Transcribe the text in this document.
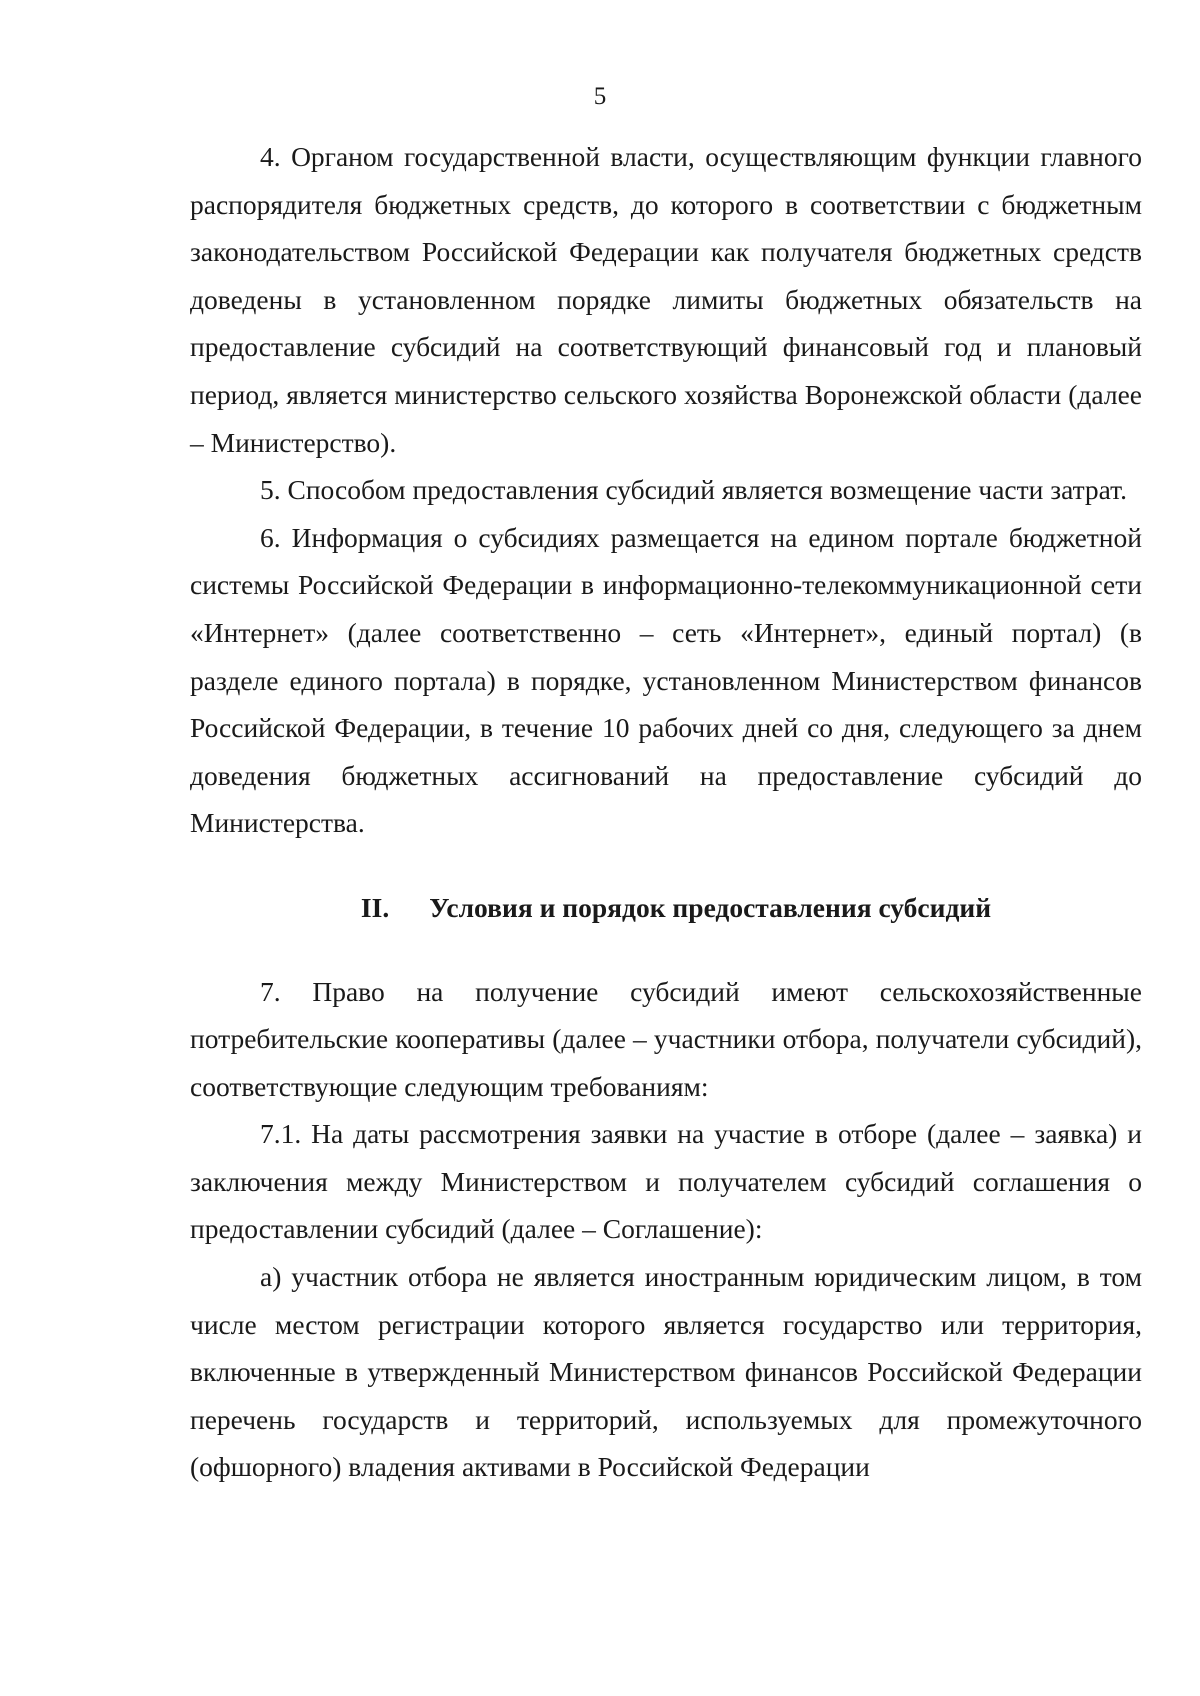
5

4. Органом государственной власти, осуществляющим функции главного распорядителя бюджетных средств, до которого в соответствии с бюджетным законодательством Российской Федерации как получателя бюджетных средств доведены в установленном порядке лимиты бюджетных обязательств на предоставление субсидий на соответствующий финансовый год и плановый период, является министерство сельского хозяйства Воронежской области (далее – Министерство).

5. Способом предоставления субсидий является возмещение части затрат.

6. Информация о субсидиях размещается на едином портале бюджетной системы Российской Федерации в информационно-телекоммуникационной сети «Интернет» (далее соответственно – сеть «Интернет», единый портал) (в разделе единого портала) в порядке, установленном Министерством финансов Российской Федерации, в течение 10 рабочих дней со дня, следующего за днем доведения бюджетных ассигнований на предоставление субсидий до Министерства.

II. Условия и порядок предоставления субсидий

7. Право на получение субсидий имеют сельскохозяйственные потребительские кооперативы (далее – участники отбора, получатели субсидий), соответствующие следующим требованиям:

7.1. На даты рассмотрения заявки на участие в отборе (далее – заявка) и заключения между Министерством и получателем субсидий соглашения о предоставлении субсидий (далее – Соглашение):

а) участник отбора не является иностранным юридическим лицом, в том числе местом регистрации которого является государство или территория, включенные в утвержденный Министерством финансов Российской Федерации перечень государств и территорий, используемых для промежуточного (офшорного) владения активами в Российской Федерации
